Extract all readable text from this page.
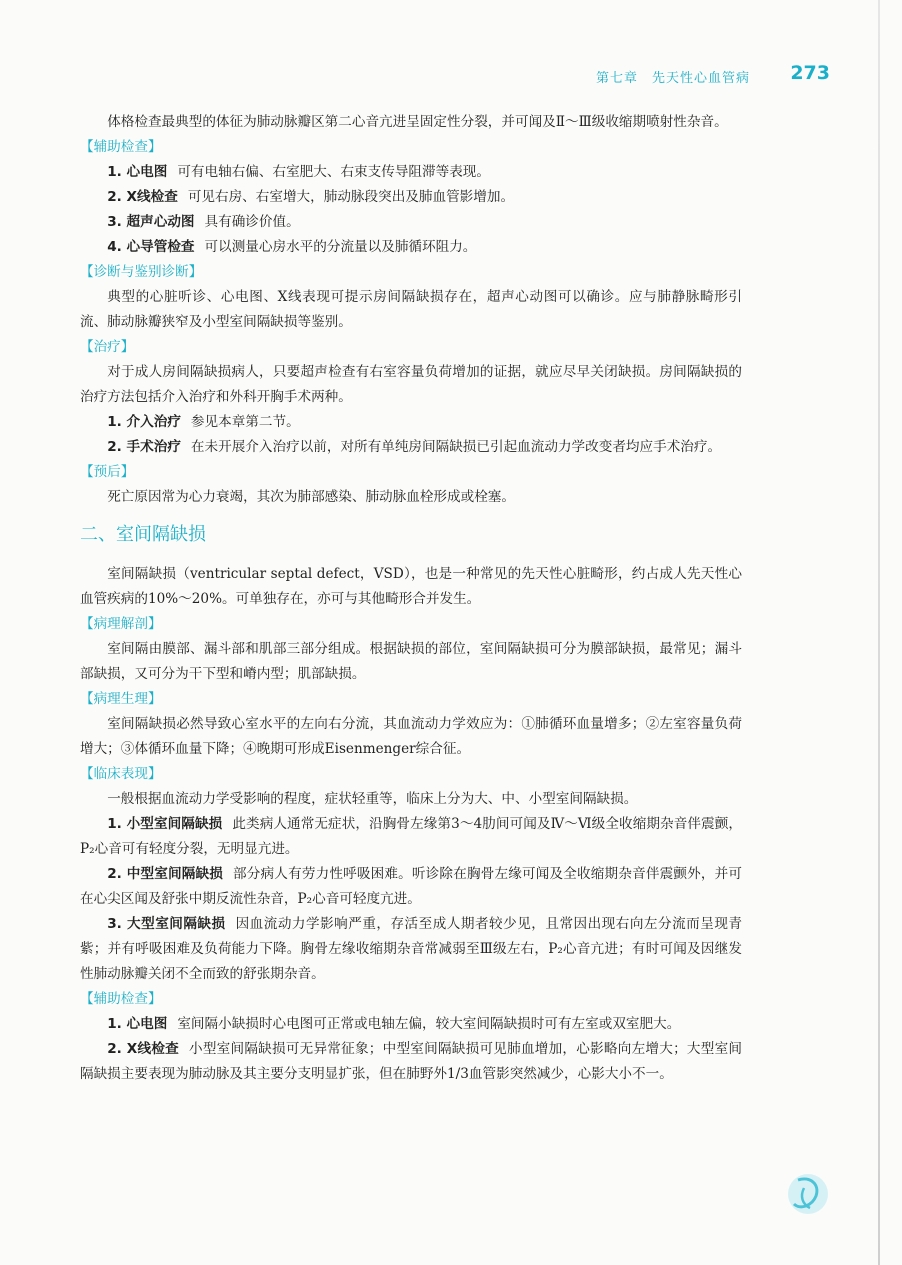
第七章　先天性心血管病 273

体格检查最典型的体征为肺动脉瓣区第二心音亢进呈固定性分裂，并可闻及Ⅱ～Ⅲ级收缩期喷射性杂音。

【辅助检查】

1. 心电图 可有电轴右偏、右室肥大、右束支传导阻滞等表现。

2. X线检查 可见右房、右室增大，肺动脉段突出及肺血管影增加。

3. 超声心动图 具有确诊价值。

4. 心导管检查 可以测量心房水平的分流量以及肺循环阻力。

【诊断与鉴别诊断】

典型的心脏听诊、心电图、X线表现可提示房间隔缺损存在，超声心动图可以确诊。应与肺静脉畸形引流、肺动脉瓣狭窄及小型室间隔缺损等鉴别。

【治疗】

对于成人房间隔缺损病人，只要超声检查有右室容量负荷增加的证据，就应尽早关闭缺损。房间隔缺损的治疗方法包括介入治疗和外科开胸手术两种。

1. 介入治疗 参见本章第二节。

2. 手术治疗 在未开展介入治疗以前，对所有单纯房间隔缺损已引起血流动力学改变者均应手术治疗。

【预后】

死亡原因常为心力衰竭，其次为肺部感染、肺动脉血栓形成或栓塞。

二、室间隔缺损

室间隔缺损（ventricular septal defect，VSD），也是一种常见的先天性心脏畸形，约占成人先天性心血管疾病的10%～20%。可单独存在，亦可与其他畸形合并发生。

【病理解剖】

室间隔由膜部、漏斗部和肌部三部分组成。根据缺损的部位，室间隔缺损可分为膜部缺损，最常见；漏斗部缺损，又可分为干下型和嵴内型；肌部缺损。

【病理生理】

室间隔缺损必然导致心室水平的左向右分流，其血流动力学效应为：①肺循环血量增多；②左室容量负荷增大；③体循环血量下降；④晚期可形成Eisenmenger综合征。

【临床表现】

一般根据血流动力学受影响的程度，症状轻重等，临床上分为大、中、小型室间隔缺损。

1. 小型室间隔缺损 此类病人通常无症状，沿胸骨左缘第3～4肋间可闻及Ⅳ～Ⅵ级全收缩期杂音伴震颤，P₂心音可有轻度分裂，无明显亢进。

2. 中型室间隔缺损 部分病人有劳力性呼吸困难。听诊除在胸骨左缘可闻及全收缩期杂音伴震颤外，并可在心尖区闻及舒张中期反流性杂音，P₂心音可轻度亢进。

3. 大型室间隔缺损 因血流动力学影响严重，存活至成人期者较少见，且常因出现右向左分流而呈现青紫；并有呼吸困难及负荷能力下降。胸骨左缘收缩期杂音常减弱至Ⅲ级左右，P₂心音亢进；有时可闻及因继发性肺动脉瓣关闭不全而致的舒张期杂音。

【辅助检查】

1. 心电图 室间隔小缺损时心电图可正常或电轴左偏，较大室间隔缺损时可有左室或双室肥大。

2. X线检查 小型室间隔缺损可无异常征象；中型室间隔缺损可见肺血增加，心影略向左增大；大型室间隔缺损主要表现为肺动脉及其主要分支明显扩张，但在肺野外1/3血管影突然减少，心影大小不一。
